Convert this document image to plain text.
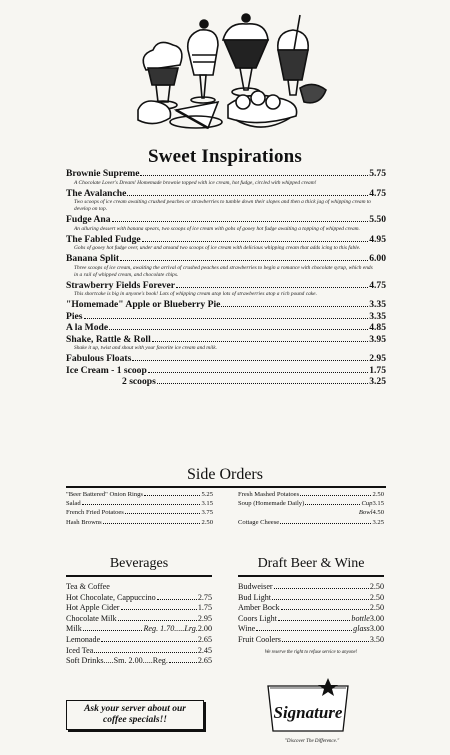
Sweet Inspirations
Brownie Supreme	5.75
A Chocolate Lover's Dream! Homemade brownie topped with ice cream, hot fudge, circled with whipped cream!
The Avalanche	4.75
Two scoops of ice cream awaiting crushed peaches or strawberries to tumble down their slopes and then a thick jag of whipping cream to develop on top.
Fudge Ana	5.50
An alluring dessert with banana spears, two scoops of ice cream with gobs of gooey hot fudge awaiting a topping of whipped cream.
The Fabled Fudge	4.95
Gobs of gooey hot fudge over, under and around two scoops of ice cream with delicious whipping cream that adds icing to this fable.
Banana Split	6.00
Three scoops of ice cream, awaiting the arrival of crushed peaches and strawberries to begin a romance with chocolate syrup, which ends in a rail of whipped cream, and chocolate chips.
Strawberry Fields Forever	4.75
This shortcake is big in anyone's book! Lots of whipping cream atop lots of strawberries atop a rich pound cake.
"Homemade" Apple or Blueberry Pie	3.35
Pies	3.35
A la Mode	4.85
Shake, Rattle & Roll	3.95
Shake it up, twist and shout with your favorite ice cream and milk.
Fabulous Floats	2.95
Ice Cream - 1 scoop	1.75
2 scoops	3.25
Side Orders
"Beer Battered" Onion Rings	5.25
Salad	3.15
French Fried Potatoes	3.75
Hash Browns	2.50
Fresh Mashed Potatoes	2.50
Soup (Homemade Daily)	Cup 3.15
Bowl 4.50
Cottage Cheese	3.25
Beverages	Draft Beer & Wine
Tea & Coffee
Hot Chocolate, Cappuccino	2.75
Hot Apple Cider	1.75
Chocolate Milk	2.95
Milk	Reg. 1.70.....Lrg. 2.00
Lemonade	2.65
Iced Tea	2.45
Soft Drinks.....Sm. 2.00.....Reg.	2.65
Budweiser	2.50
Bud Light	2.50
Amber Bock	2.50
Coors Light	bottle 3.00
Wine	glass 3.00
Fruit Coolers	3.50
We reserve the right to refuse service to anyone!
Ask your server about our
coffee specials!!	Signature
"Discover The Difference."
